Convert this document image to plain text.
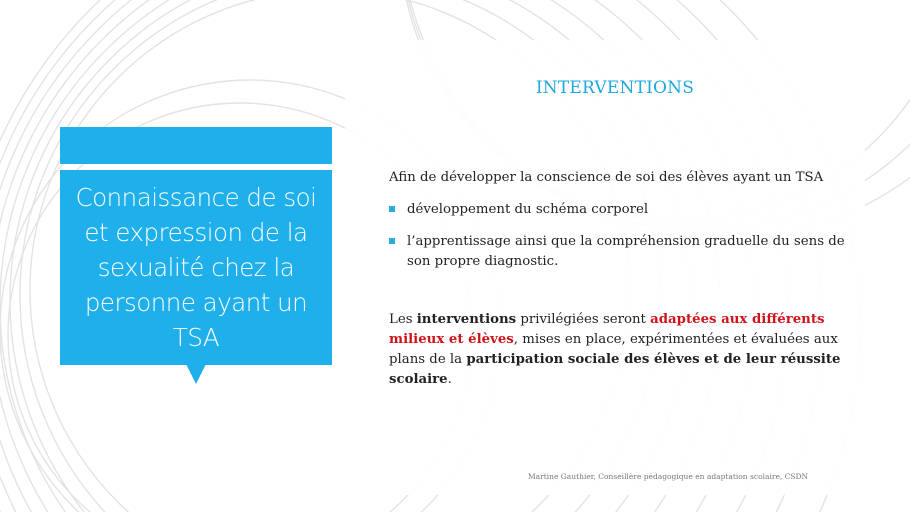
INTERVENTIONS
Connaissance de soi et expression de la sexualité chez la personne ayant un TSA

Afin de développer la conscience de soi des élèves ayant un TSA

développement du schéma corporel
l’apprentissage ainsi que la compréhension graduelle du sens de son propre diagnostic.

Les interventions privilégiées seront adaptées aux différents milieux et élèves, mises en place, expérimentées et évaluées aux plans de la participation sociale des élèves et de leur réussite scolaire.

Martine Gauthier, Conseillère pédagogique en adaptation scolaire, CSDN
